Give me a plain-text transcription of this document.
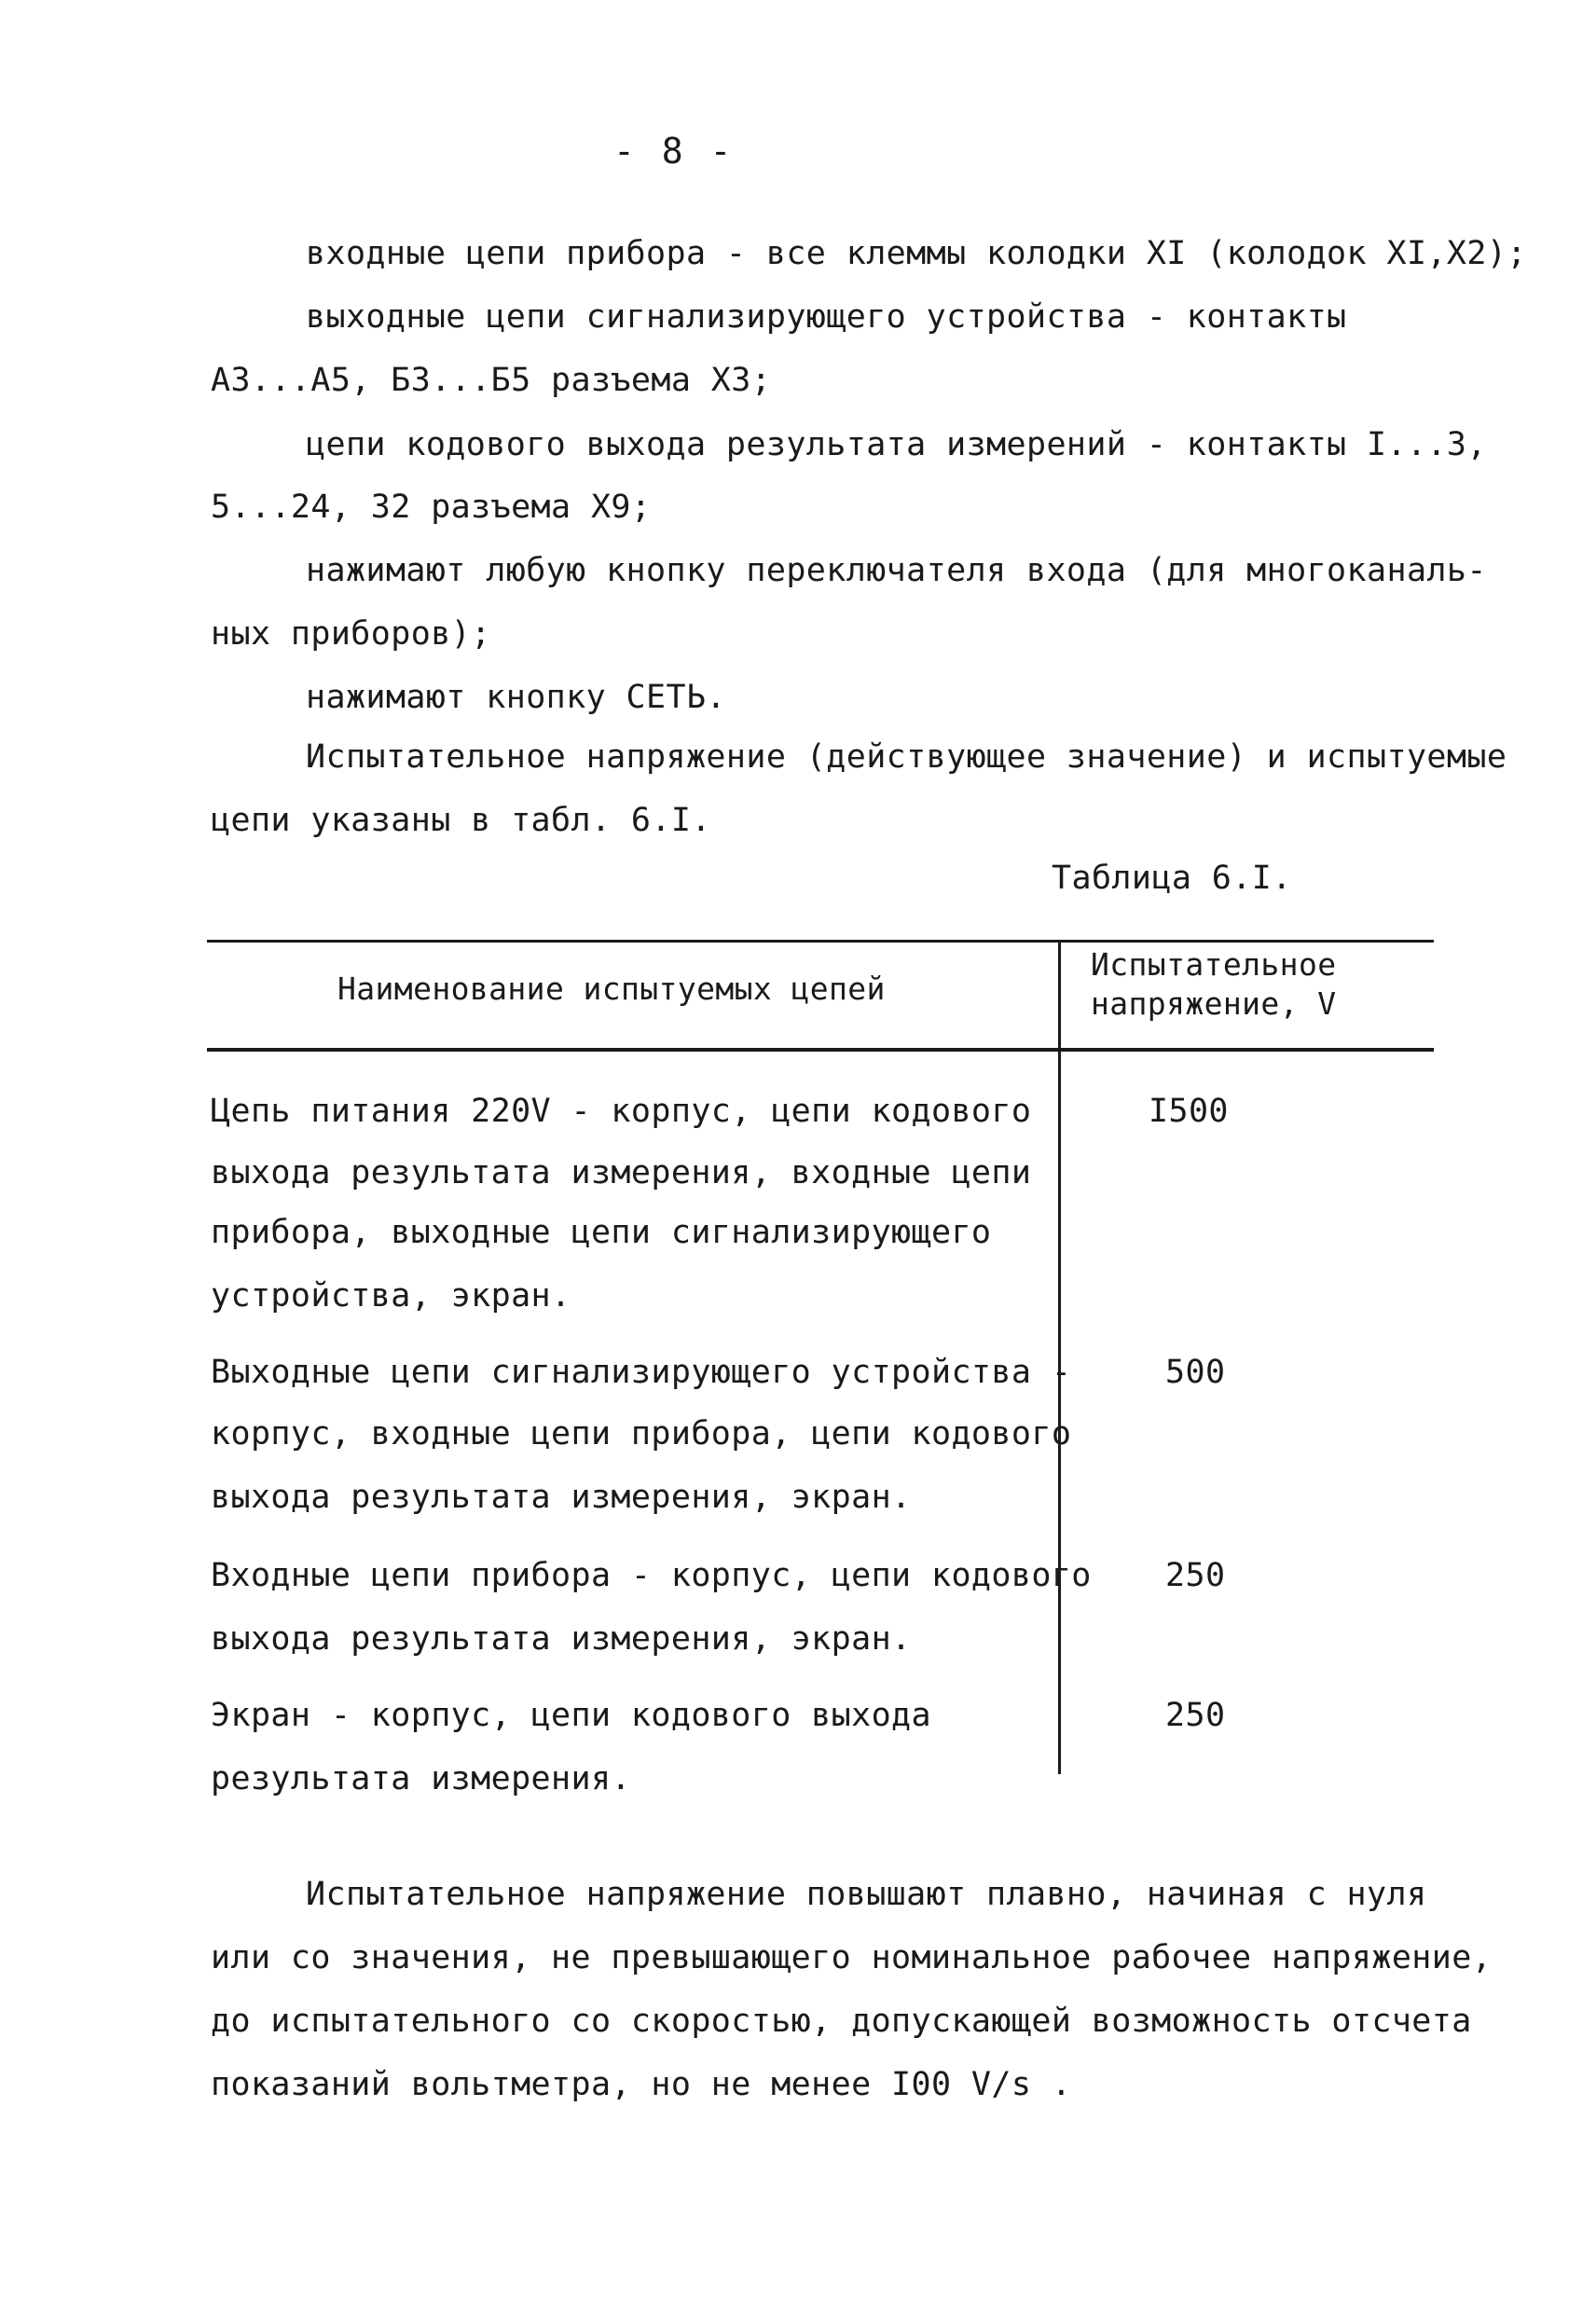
- 8 -
входные цепи прибора - все клеммы колодки XI (колодок XI,X2);
выходные цепи сигнализирующего устройства - контакты
А3...А5, Б3...Б5 разъема X3;
цепи кодового выхода результата измерений - контакты I...3,
5...24, 32 разъема X9;
нажимают любую кнопку переключателя входа (для многоканаль-
ных приборов);
нажимают кнопку СЕТЬ.
Испытательное напряжение (действующее значение) и испытуемые
цепи указаны в табл. 6.I.
Таблица 6.I.
Наименование испытуемых цепей
Испытательное
напряжение, V
Цепь питания 220V - корпус, цепи кодового
выхода результата измерения, входные цепи
прибора, выходные цепи сигнализирующего
устройства, экран.
I500
Выходные цепи сигнализирующего устройства -
корпус, входные цепи прибора, цепи кодового
выхода результата измерения, экран.
500
Входные цепи прибора - корпус, цепи кодового
выхода результата измерения, экран.
250
Экран - корпус, цепи кодового выхода
результата измерения.
250
Испытательное напряжение повышают плавно, начиная с нуля
или со значения, не превышающего номинальное рабочее напряжение,
до испытательного со скоростью, допускающей возможность отсчета
показаний вольтметра, но не менее I00 V/s .
